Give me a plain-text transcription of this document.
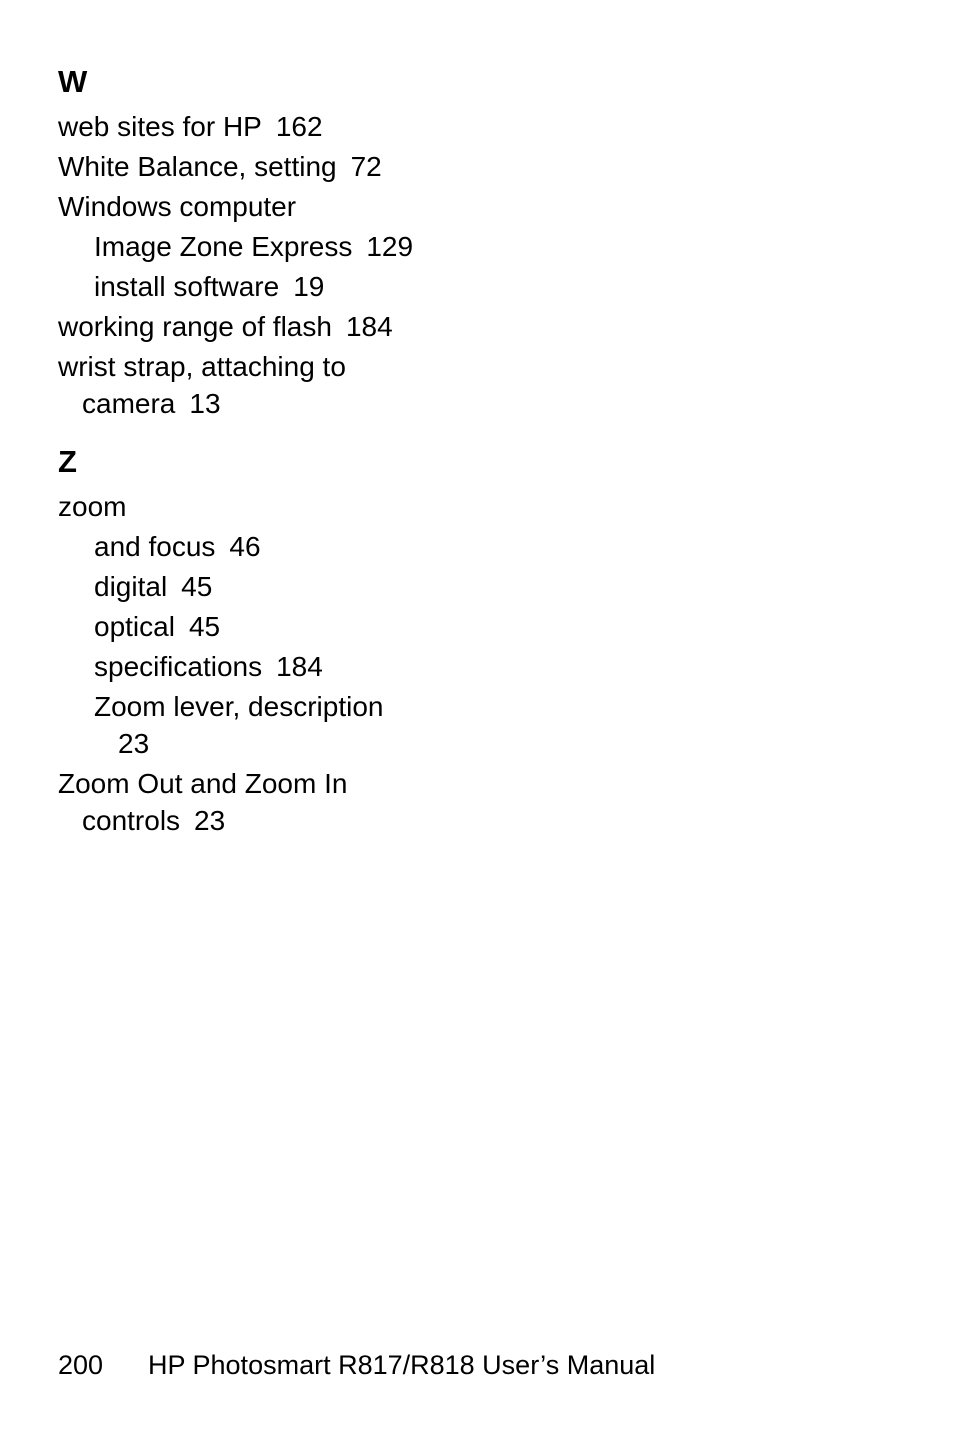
W
web sites for HP 162
White Balance, setting 72
Windows computer
Image Zone Express 129
install software 19
working range of flash 184
wrist strap, attaching to
camera 13
Z
zoom
and focus 46
digital 45
optical 45
specifications 184
Zoom lever, description
23
Zoom Out and Zoom In
controls 23
200 HP Photosmart R817/R818 User’s Manual
